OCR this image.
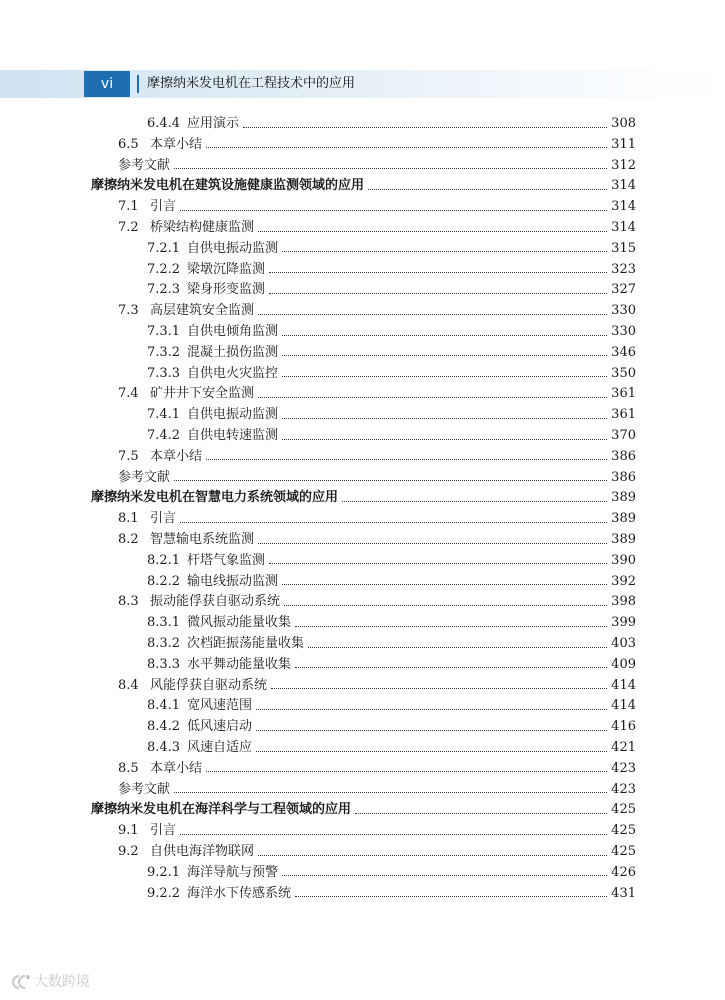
vi	摩擦纳米发电机在工程技术中的应用
6.4.4 应用演示	308
6.5 本章小结	311
参考文献	312
摩擦纳米发电机在建筑设施健康监测领域的应用	314
7.1 引言	314
7.2 桥梁结构健康监测	314
7.2.1 自供电振动监测	315
7.2.2 梁墩沉降监测	323
7.2.3 梁身形变监测	327
7.3 高层建筑安全监测	330
7.3.1 自供电倾角监测	330
7.3.2 混凝土损伤监测	346
7.3.3 自供电火灾监控	350
7.4 矿井井下安全监测	361
7.4.1 自供电振动监测	361
7.4.2 自供电转速监测	370
7.5 本章小结	386
参考文献	386
摩擦纳米发电机在智慧电力系统领域的应用	389
8.1 引言	389
8.2 智慧输电系统监测	389
8.2.1 杆塔气象监测	390
8.2.2 输电线振动监测	392
8.3 振动能俘获自驱动系统	398
8.3.1 微风振动能量收集	399
8.3.2 次档距振荡能量收集	403
8.3.3 水平舞动能量收集	409
8.4 风能俘获自驱动系统	414
8.4.1 宽风速范围	414
8.4.2 低风速启动	416
8.4.3 风速自适应	421
8.5 本章小结	423
参考文献	423
摩擦纳米发电机在海洋科学与工程领域的应用	425
9.1 引言	425
9.2 自供电海洋物联网	425
9.2.1 海洋导航与预警	426
9.2.2 海洋水下传感系统	431
大数跨境
